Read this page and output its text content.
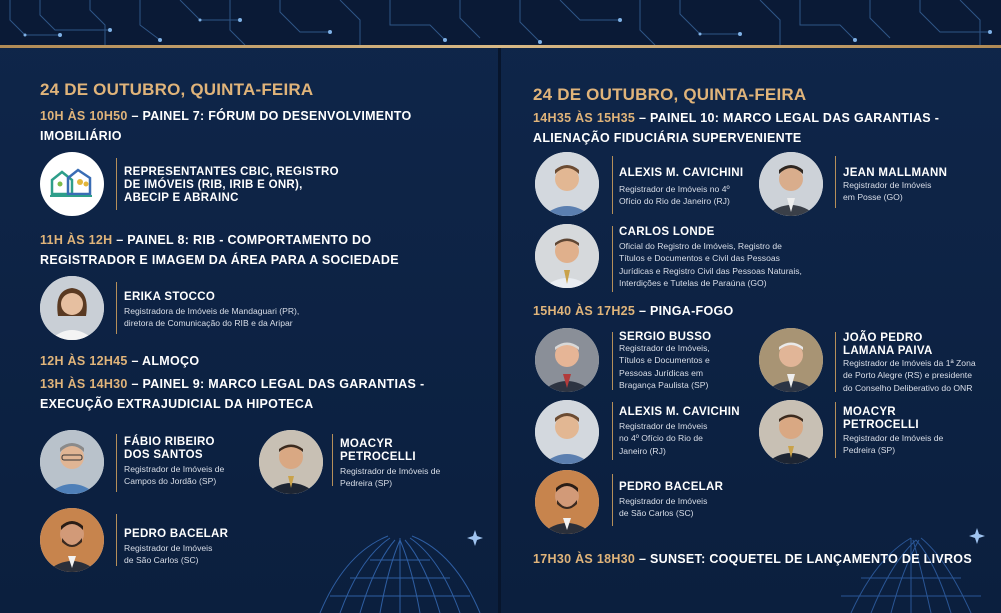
24 DE OUTUBRO, QUINTA-FEIRA
10H ÀS 10H50 – PAINEL 7: FÓRUM DO DESENVOLVIMENTO
IMOBILIÁRIO
REPRESENTANTES CBIC, REGISTRO
DE IMÓVEIS (RIB, IRIB E ONR),
ABECIP E ABRAINC
11H ÀS 12H – PAINEL 8: RIB - COMPORTAMENTO DO
REGISTRADOR E IMAGEM DA ÁREA PARA A SOCIEDADE
ERIKA STOCCO
Registradora de Imóveis de Mandaguari (PR),
diretora de Comunicação do RIB e da Aripar
12H ÀS 12H45 – ALMOÇO
13H ÀS 14H30 – PAINEL 9: MARCO LEGAL DAS GARANTIAS -
EXECUÇÃO EXTRAJUDICIAL DA HIPOTECA
FÁBIO RIBEIRO
DOS SANTOS
Registrador de Imóveis de
Campos do Jordão (SP)
MOACYR
PETROCELLI
Registrador de Imóveis de
Pedreira (SP)
PEDRO BACELAR
Registrador de Imóveis
de São Carlos (SC)
24 DE OUTUBRO, QUINTA-FEIRA
14H35 ÀS 15H35 – PAINEL 10: MARCO LEGAL DAS GARANTIAS -
ALIENAÇÃO FIDUCIÁRIA SUPERVENIENTE
ALEXIS M. CAVICHINI
Registrador de Imóveis no 4º
Ofício do Rio de Janeiro (RJ)
JEAN MALLMANN
Registrador de Imóveis
em Posse (GO)
CARLOS LONDE
Oficial do Registro de Imóveis, Registro de
Títulos e Documentos e Civil das Pessoas
Jurídicas e Registro Civil das Pessoas Naturais,
Interdições e Tutelas de Paraúna (GO)
15H40 ÀS 17H25 – PINGA-FOGO
SERGIO BUSSO
Registrador de Imóveis,
Títulos e Documentos e
Pessoas Jurídicas em
Bragança Paulista (SP)
JOÃO PEDRO
LAMANA PAIVA
Registrador de Imóveis da 1ª Zona
de Porto Alegre (RS) e presidente
do Conselho Deliberativo do ONR
ALEXIS M. CAVICHIN
Registrador de Imóveis
no 4º Ofício do Rio de
Janeiro (RJ)
MOACYR
PETROCELLI
Registrador de Imóveis de
Pedreira (SP)
PEDRO BACELAR
Registrador de Imóveis
de São Carlos (SC)
17H30 ÀS 18H30 – SUNSET: COQUETEL DE LANÇAMENTO DE LIVROS
